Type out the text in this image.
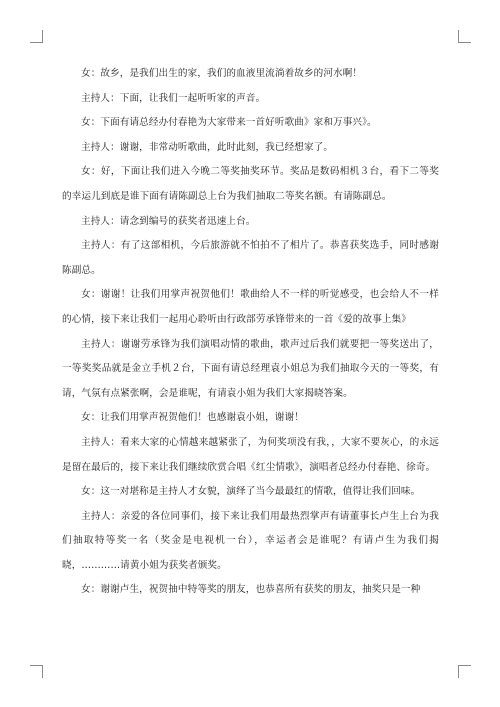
女：故乡，是我们出生的家，我们的血液里流淌着故乡的河水啊！

主持人：下面，让我们一起听听家的声音。

女：下面有请总经办付春艳为大家带来一首好听歌曲》家和万事兴》。

主持人：谢谢，非常动听歌曲，此时此刻，我已经想家了。

女：好，下面让我们进入今晚二等奖抽奖环节。奖品是数码相机３台，看下二等奖的幸运儿到底是谁下面有请陈副总上台为我们抽取二等奖名额。有请陈副总。

主持人：请念到编号的获奖者迅速上台。

主持人：有了这部相机，今后旅游就不怕拍不了相片了。恭喜获奖选手，同时感谢陈副总。

女：谢谢！让我们用掌声祝贺他们！歌曲给人不一样的听觉感受，也会给人不一样的心情，接下来让我们一起用心聆听由行政部劳承锋带来的一首《爱的故事上集》

主持人：谢谢劳承锋为我们演唱动情的歌曲，歌声过后我们就要把一等奖送出了，一等奖奖品就是金立手机２台，下面有请总经理袁小姐总为我们抽取今天的一等奖，有请，气氛有点紧张啊，会是谁呢，有请袁小姐为我们大家揭晓答案。

女：让我们用掌声祝贺他们！也感谢袁小姐，谢谢！

主持人：看来大家的心情越来越紧张了，为何奖项没有我，，大家不要灰心，的永远是留在最后的，接下来让我们继续欣赏合唱《红尘情歌》，演唱者总经办付春艳、徐奇。

女：这一对堪称是主持人才女貌，演绎了当今最最红的情歌，值得让我们回味。

主持人：亲爱的各位同事们，接下来让我们用最热烈掌声有请董事长卢生上台为我们抽取特等奖一名（奖金是电视机一台），幸运者会是谁呢？有请卢生为我们揭晓，…………请黄小姐为获奖者颁奖。

女：谢谢卢生，祝贺抽中特等奖的朋友，也恭喜所有获奖的朋友，抽奖只是一种
